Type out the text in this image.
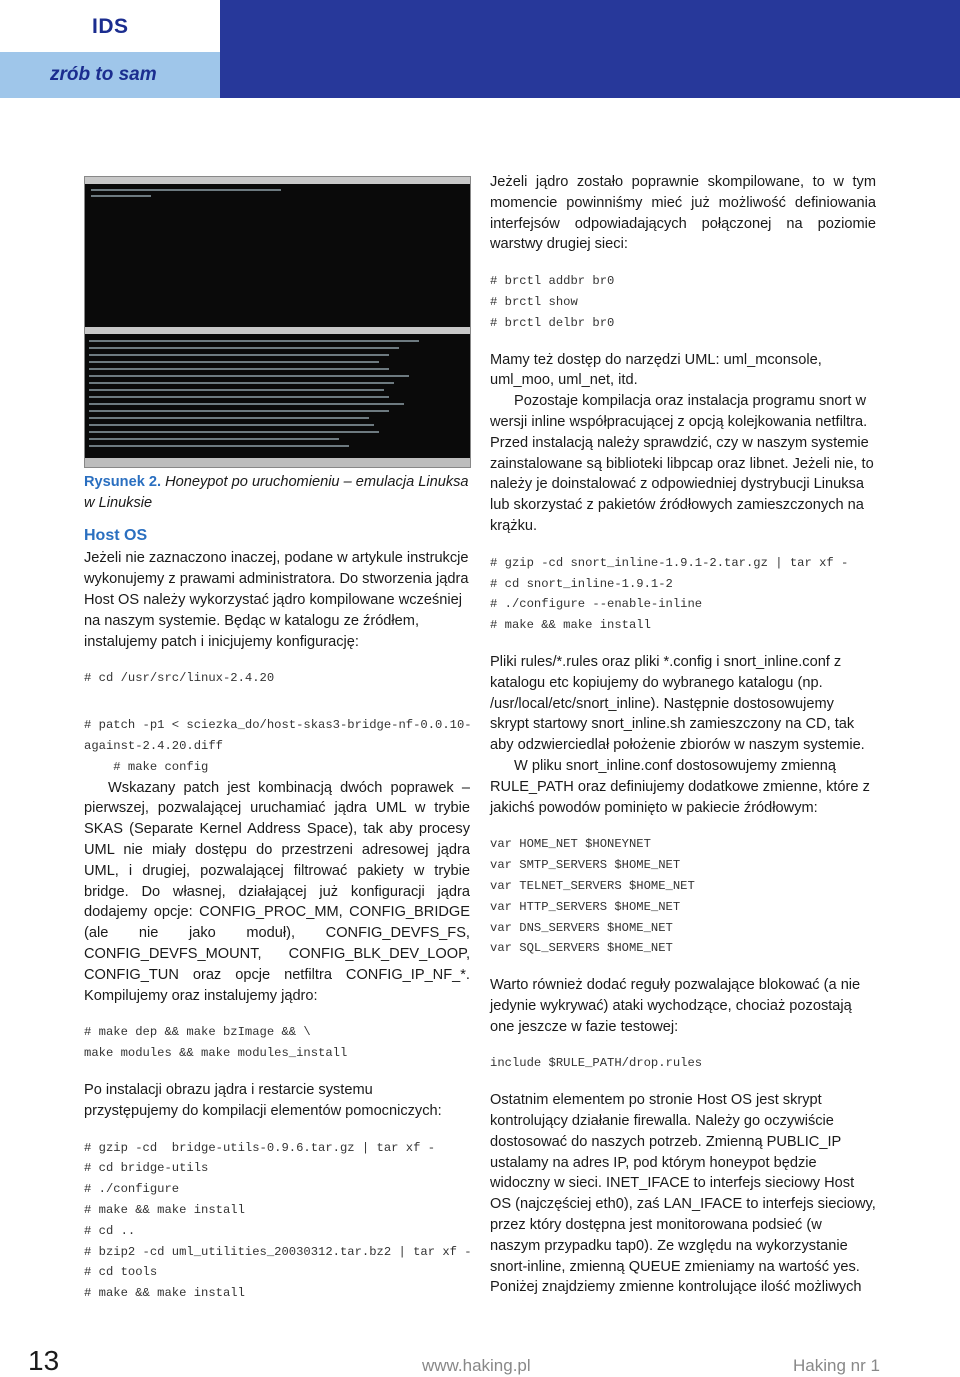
IDS
zrób to sam

Rysunek 2. Honeypot po uruchomieniu – emulacja Linuksa w Linuksie

Host OS

Jeżeli nie zaznaczono inaczej, podane w artykule instrukcje wykonujemy z prawami administratora. Do stworzenia jądra Host OS należy wykorzystać jądro kompilowane wcześniej na naszym systemie. Będąc w katalogu ze źródłem, instalujemy patch i inicjujemy konfigurację:

# cd /usr/src/linux-2.4.20
# patch -p1 < sciezka_do/host-skas3-bridge-nf-0.0.10-
against-2.4.20.diff
# make config

Wskazany patch jest kombinacją dwóch poprawek – pierwszej, pozwalającej uruchamiać jądra UML w trybie SKAS (Separate Kernel Address Space), tak aby procesy UML nie miały dostępu do przestrzeni adresowej jądra UML, i drugiej, pozwalającej filtrować pakiety w trybie bridge. Do własnej, działającej już konfiguracji jądra dodajemy opcje: CONFIG_PROC_MM, CONFIG_BRIDGE (ale nie jako moduł), CONFIG_DEVFS_FS, CONFIG_DEVFS_MOUNT, CONFIG_BLK_DEV_LOOP, CONFIG_TUN oraz opcje netfiltra CONFIG_IP_NF_*. Kompilujemy oraz instalujemy jądro:

# make dep && make bzImage && \
make modules && make modules_install

Po instalacji obrazu jądra i restarcie systemu przystępujemy do kompilacji elementów pomocniczych:

# gzip -cd  bridge-utils-0.9.6.tar.gz | tar xf -
# cd bridge-utils
# ./configure
# make && make install
# cd ..
# bzip2 -cd uml_utilities_20030312.tar.bz2 | tar xf -
# cd tools
# make && make install

Jeżeli jądro zostało poprawnie skompilowane, to w tym momencie powinniśmy mieć już możliwość definiowania interfejsów odpowiadających połączonej na poziomie warstwy drugiej sieci:

# brctl addbr br0
# brctl show
# brctl delbr br0

Mamy też dostęp do narzędzi UML: uml_mconsole, uml_moo, uml_net, itd.

Pozostaje kompilacja oraz instalacja programu snort w wersji inline współpracującej z opcją kolejkowania netfiltra. Przed instalacją należy sprawdzić, czy w naszym systemie zainstalowane są biblioteki libpcap oraz libnet. Jeżeli nie, to należy je doinstalować z odpowiedniej dystrybucji Linuksa lub skorzystać z pakietów źródłowych zamieszczonych na krążku.

# gzip -cd snort_inline-1.9.1-2.tar.gz | tar xf -
# cd snort_inline-1.9.1-2
# ./configure --enable-inline
# make && make install

Pliki rules/*.rules oraz pliki *.config i snort_inline.conf z katalogu etc kopiujemy do wybranego katalogu (np. /usr/local/etc/snort_inline). Następnie dostosowujemy skrypt startowy snort_inline.sh zamieszczony na CD, tak aby odzwierciedlał położenie zbiorów w naszym systemie.

W pliku snort_inline.conf dostosowujemy zmienną RULE_PATH oraz definiujemy dodatkowe zmienne, które z jakichś powodów pominięto w pakiecie źródłowym:

var HOME_NET $HONEYNET
var SMTP_SERVERS $HOME_NET
var TELNET_SERVERS $HOME_NET
var HTTP_SERVERS $HOME_NET
var DNS_SERVERS $HOME_NET
var SQL_SERVERS $HOME_NET

Warto również dodać reguły pozwalające blokować (a nie jedynie wykrywać) ataki wychodzące, chociaż pozostają one jeszcze w fazie testowej:

include $RULE_PATH/drop.rules

Ostatnim elementem po stronie Host OS jest skrypt kontrolujący działanie firewalla. Należy go oczywiście dostosować do naszych potrzeb. Zmienną PUBLIC_IP ustalamy na adres IP, pod którym honeypot będzie widoczny w sieci. INET_IFACE to interfejs sieciowy Host OS (najczęściej eth0), zaś LAN_IFACE to interfejs sieciowy, przez który dostępna jest monitorowana podsieć (w naszym przypadku tap0). Ze względu na wykorzystanie snort-inline, zmienną QUEUE zmieniamy na wartość yes. Poniżej znajdziemy zmienne kontrolujące ilość możliwych

13	www.haking.pl	Haking nr 1
